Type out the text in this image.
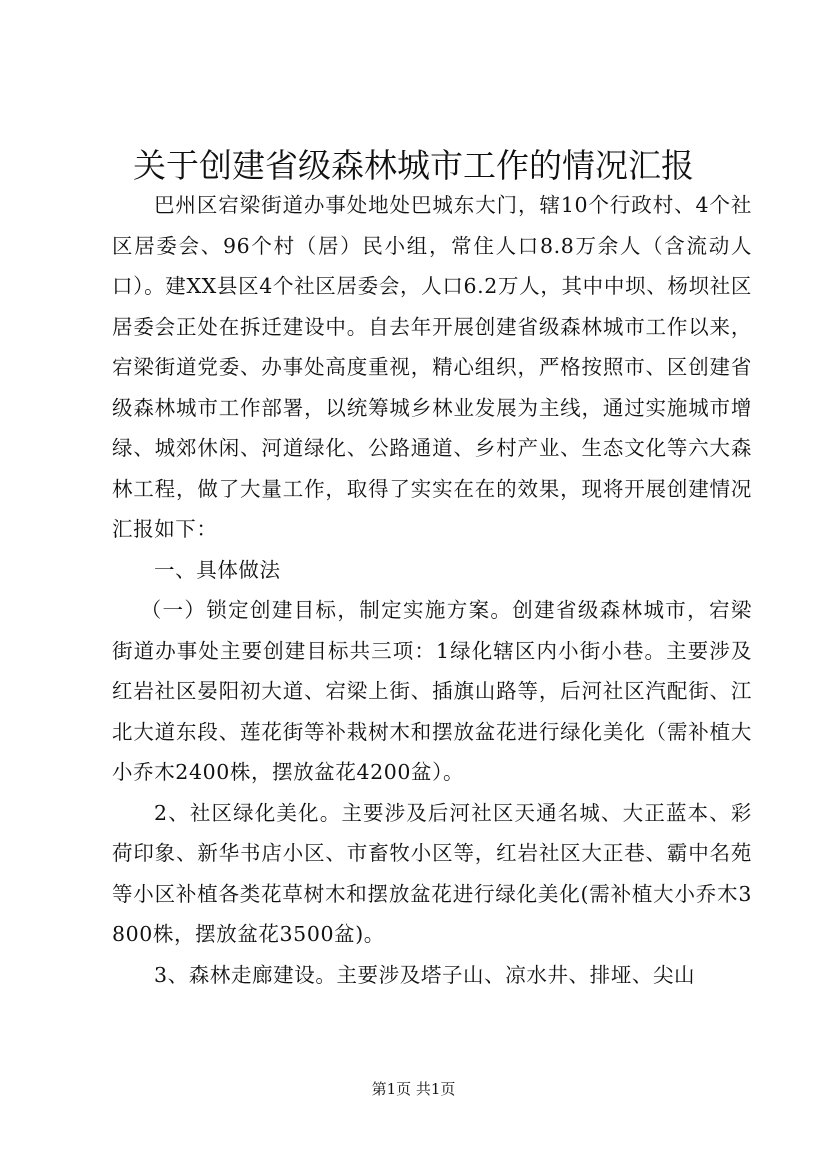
关于创建省级森林城市工作的情况汇报

巴州区宕梁街道办事处地处巴城东大门，辖10个行政村、4个社区居委会、96个村（居）民小组，常住人口8.8万余人（含流动人口）。建XX县区4个社区居委会，人口6.2万人，其中中坝、杨坝社区居委会正处在拆迁建设中。自去年开展创建省级森林城市工作以来，宕梁街道党委、办事处高度重视，精心组织，严格按照市、区创建省级森林城市工作部署，以统筹城乡林业发展为主线，通过实施城市增绿、城郊休闲、河道绿化、公路通道、乡村产业、生态文化等六大森林工程，做了大量工作，取得了实实在在的效果，现将开展创建情况汇报如下：

一、具体做法

（一）锁定创建目标，制定实施方案。创建省级森林城市，宕梁街道办事处主要创建目标共三项：1绿化辖区内小街小巷。主要涉及红岩社区晏阳初大道、宕梁上街、插旗山路等，后河社区汽配街、江北大道东段、莲花街等补栽树木和摆放盆花进行绿化美化（需补植大小乔木2400株，摆放盆花4200盆）。

2、社区绿化美化。主要涉及后河社区天通名城、大正蓝本、彩荷印象、新华书店小区、市畜牧小区等，红岩社区大正巷、霸中名苑等小区补植各类花草树木和摆放盆花进行绿化美化(需补植大小乔木3800株，摆放盆花3500盆)。

3、森林走廊建设。主要涉及塔子山、凉水井、排垭、尖山

第1页 共1页
